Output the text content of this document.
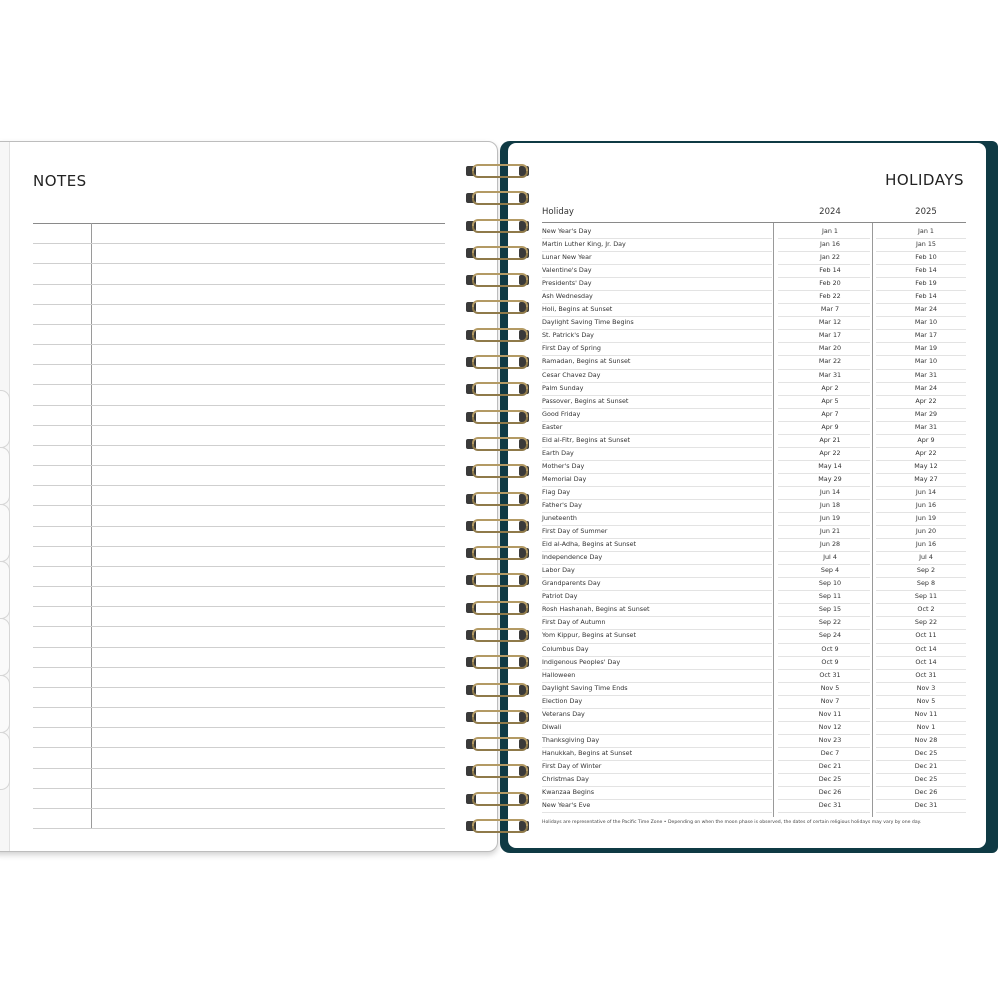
NOTES	HOLIDAYS
Holiday	2024	2025
New Year's Day	Jan 1	Jan 1
Martin Luther King, Jr. Day	Jan 16	Jan 15
Lunar New Year	Jan 22	Feb 10
Valentine's Day	Feb 14	Feb 14
Presidents' Day	Feb 20	Feb 19
Ash Wednesday	Feb 22	Feb 14
Holi, Begins at Sunset	Mar 7	Mar 24
Daylight Saving Time Begins	Mar 12	Mar 10
St. Patrick's Day	Mar 17	Mar 17
First Day of Spring	Mar 20	Mar 19
Ramadan, Begins at Sunset	Mar 22	Mar 10
Cesar Chavez Day	Mar 31	Mar 31
Palm Sunday	Apr 2	Mar 24
Passover, Begins at Sunset	Apr 5	Apr 22
Good Friday	Apr 7	Mar 29
Easter	Apr 9	Mar 31
Eid al-Fitr, Begins at Sunset	Apr 21	Apr 9
Earth Day	Apr 22	Apr 22
Mother's Day	May 14	May 12
Memorial Day	May 29	May 27
Flag Day	Jun 14	Jun 14
Father's Day	Jun 18	Jun 16
Juneteenth	Jun 19	Jun 19
First Day of Summer	Jun 21	Jun 20
Eid al-Adha, Begins at Sunset	Jun 28	Jun 16
Independence Day	Jul 4	Jul 4
Labor Day	Sep 4	Sep 2
Grandparents Day	Sep 10	Sep 8
Patriot Day	Sep 11	Sep 11
Rosh Hashanah, Begins at Sunset	Sep 15	Oct 2
First Day of Autumn	Sep 22	Sep 22
Yom Kippur, Begins at Sunset	Sep 24	Oct 11
Columbus Day	Oct 9	Oct 14
Indigenous Peoples' Day	Oct 9	Oct 14
Halloween	Oct 31	Oct 31
Daylight Saving Time Ends	Nov 5	Nov 3
Election Day	Nov 7	Nov 5
Veterans Day	Nov 11	Nov 11
Diwali	Nov 12	Nov 1
Thanksgiving Day	Nov 23	Nov 28
Hanukkah, Begins at Sunset	Dec 7	Dec 25
First Day of Winter	Dec 21	Dec 21
Christmas Day	Dec 25	Dec 25
Kwanzaa Begins	Dec 26	Dec 26
New Year's Eve	Dec 31	Dec 31
Holidays are representative of the Pacific Time Zone • Depending on when the moon phase is observed, the dates of certain religious holidays may vary by one day.
